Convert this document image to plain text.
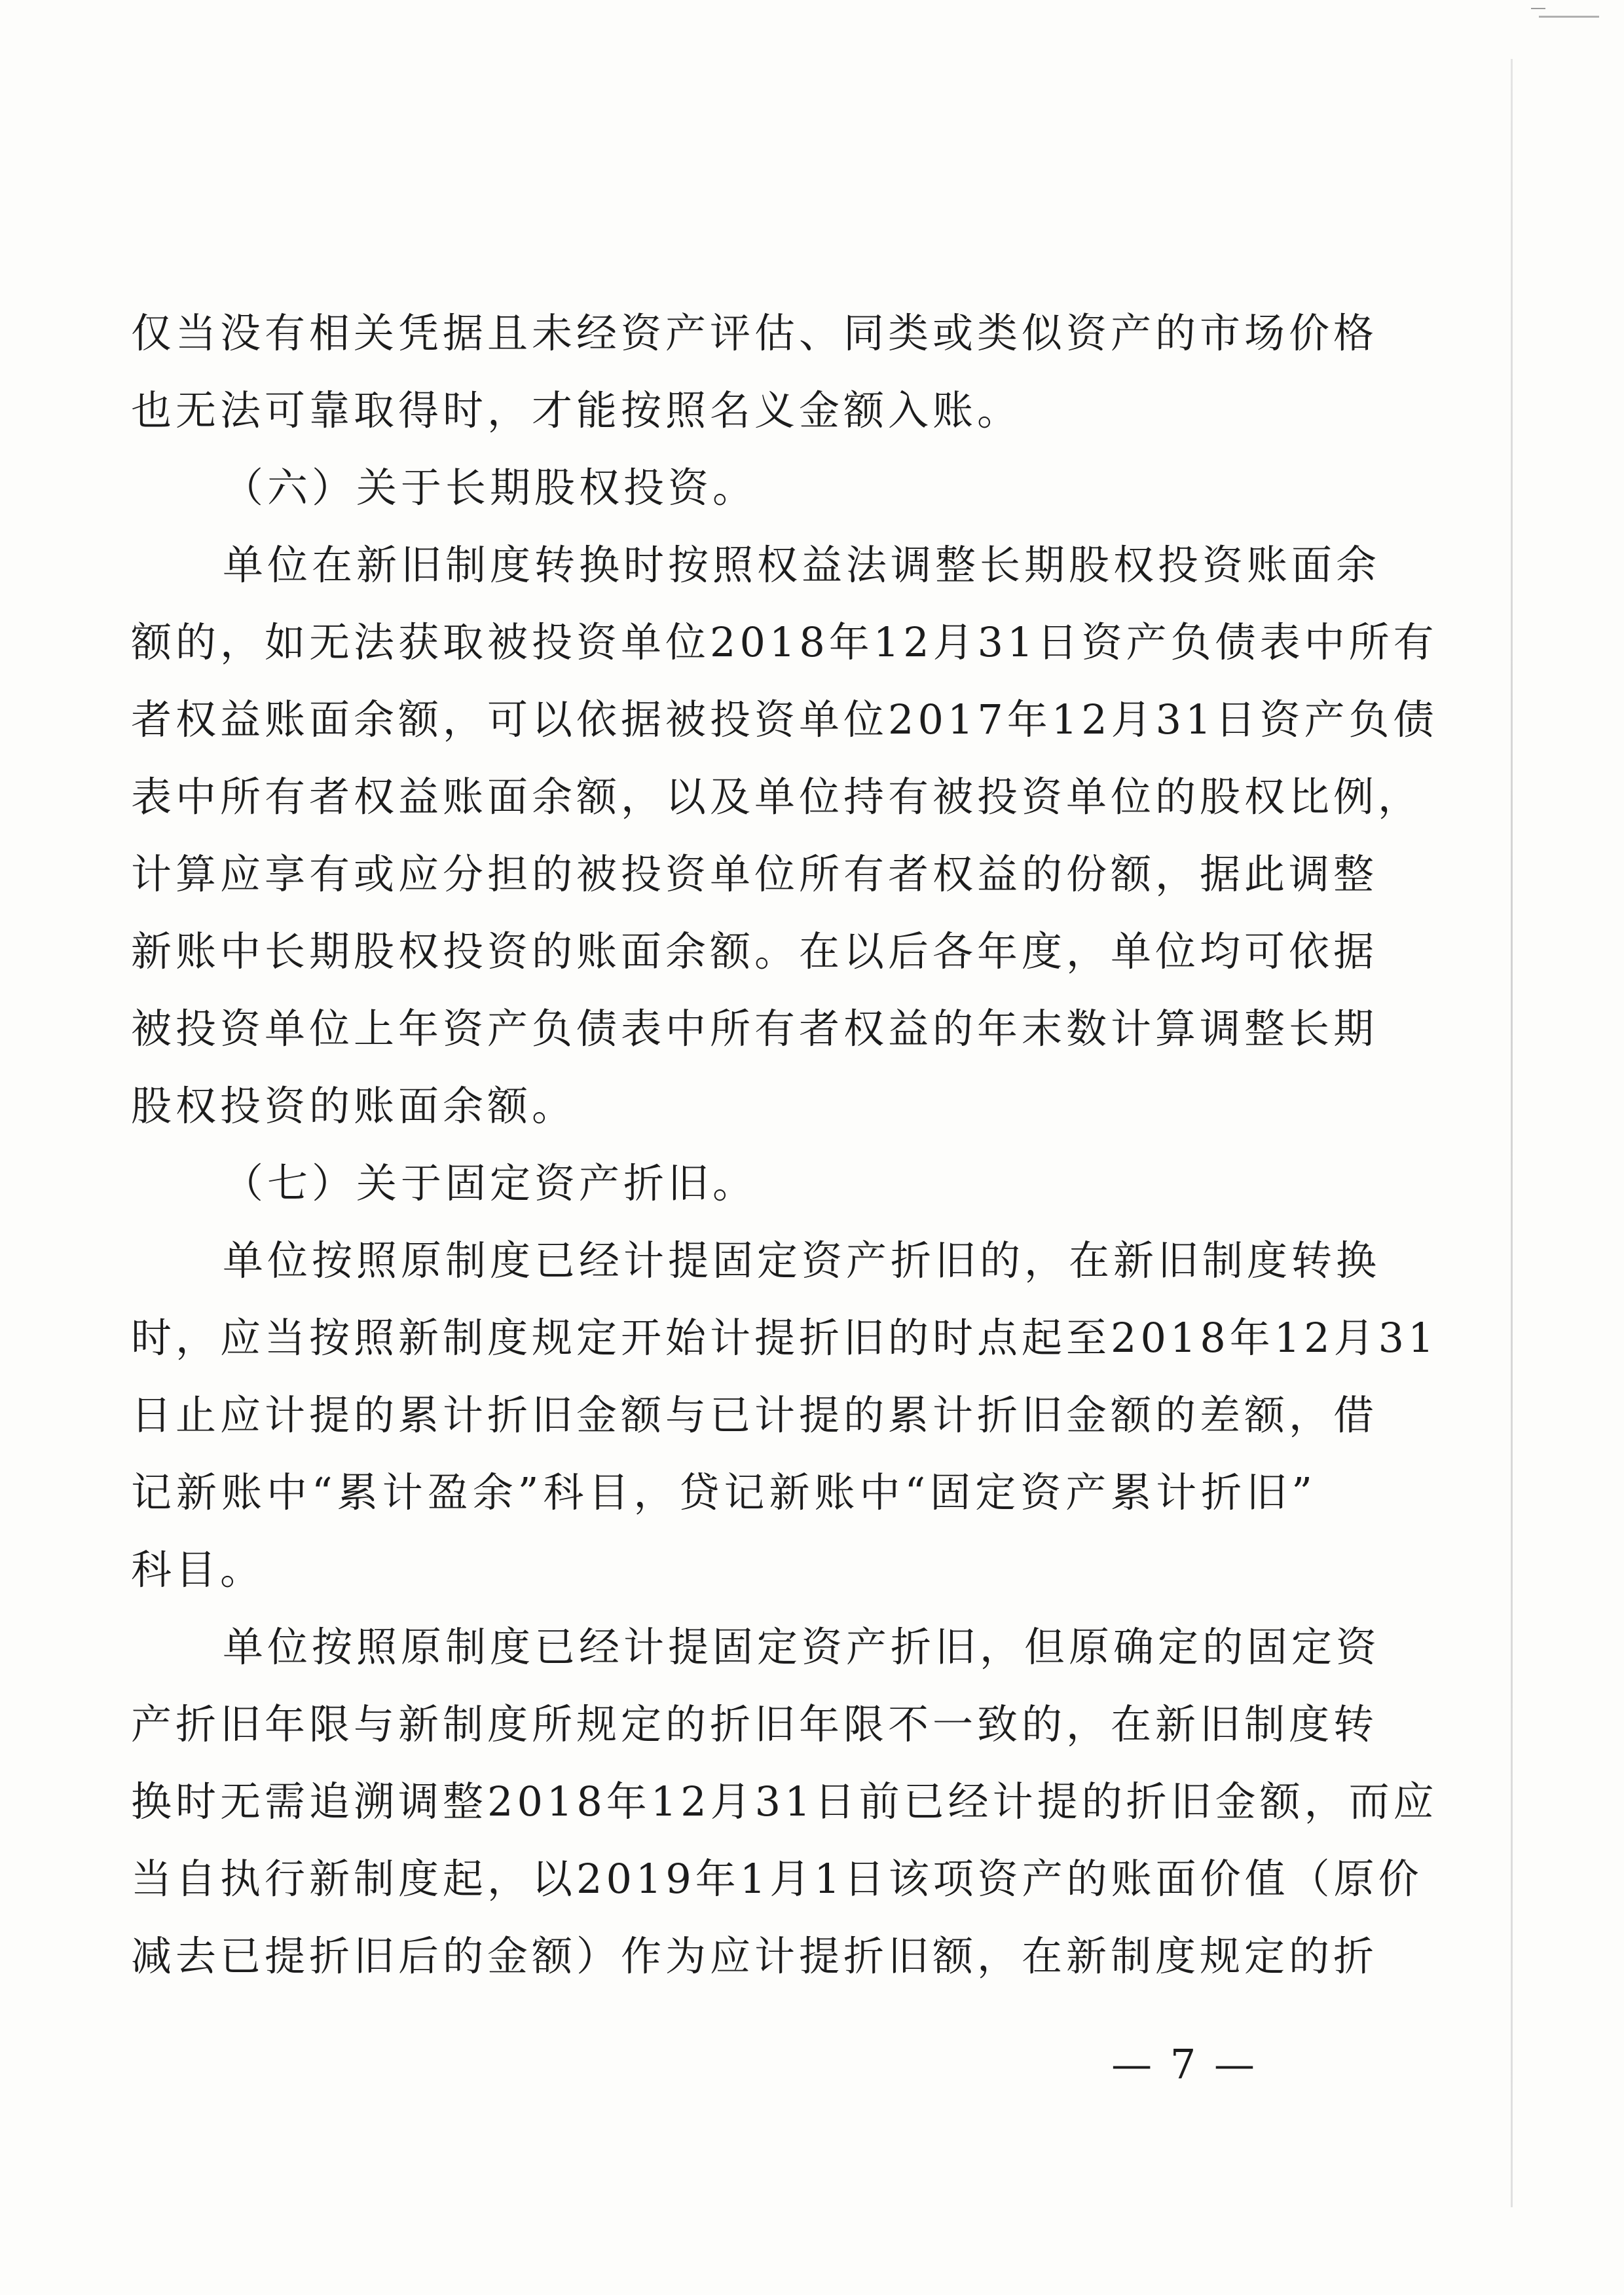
仅当没有相关凭据且未经资产评估、同类或类似资产的市场价格
也无法可靠取得时，才能按照名义金额入账。
（六）关于长期股权投资。
单位在新旧制度转换时按照权益法调整长期股权投资账面余
额的，如无法获取被投资单位2018年12月31日资产负债表中所有
者权益账面余额，可以依据被投资单位2017年12月31日资产负债
表中所有者权益账面余额，以及单位持有被投资单位的股权比例，
计算应享有或应分担的被投资单位所有者权益的份额，据此调整
新账中长期股权投资的账面余额。在以后各年度，单位均可依据
被投资单位上年资产负债表中所有者权益的年末数计算调整长期
股权投资的账面余额。
（七）关于固定资产折旧。
单位按照原制度已经计提固定资产折旧的，在新旧制度转换
时，应当按照新制度规定开始计提折旧的时点起至2018年12月31
日止应计提的累计折旧金额与已计提的累计折旧金额的差额，借
记新账中“累计盈余”科目，贷记新账中“固定资产累计折旧”
科目。
单位按照原制度已经计提固定资产折旧，但原确定的固定资
产折旧年限与新制度所规定的折旧年限不一致的，在新旧制度转
换时无需追溯调整2018年12月31日前已经计提的折旧金额，而应
当自执行新制度起，以2019年1月1日该项资产的账面价值（原价
减去已提折旧后的金额）作为应计提折旧额，在新制度规定的折
— 7 —
